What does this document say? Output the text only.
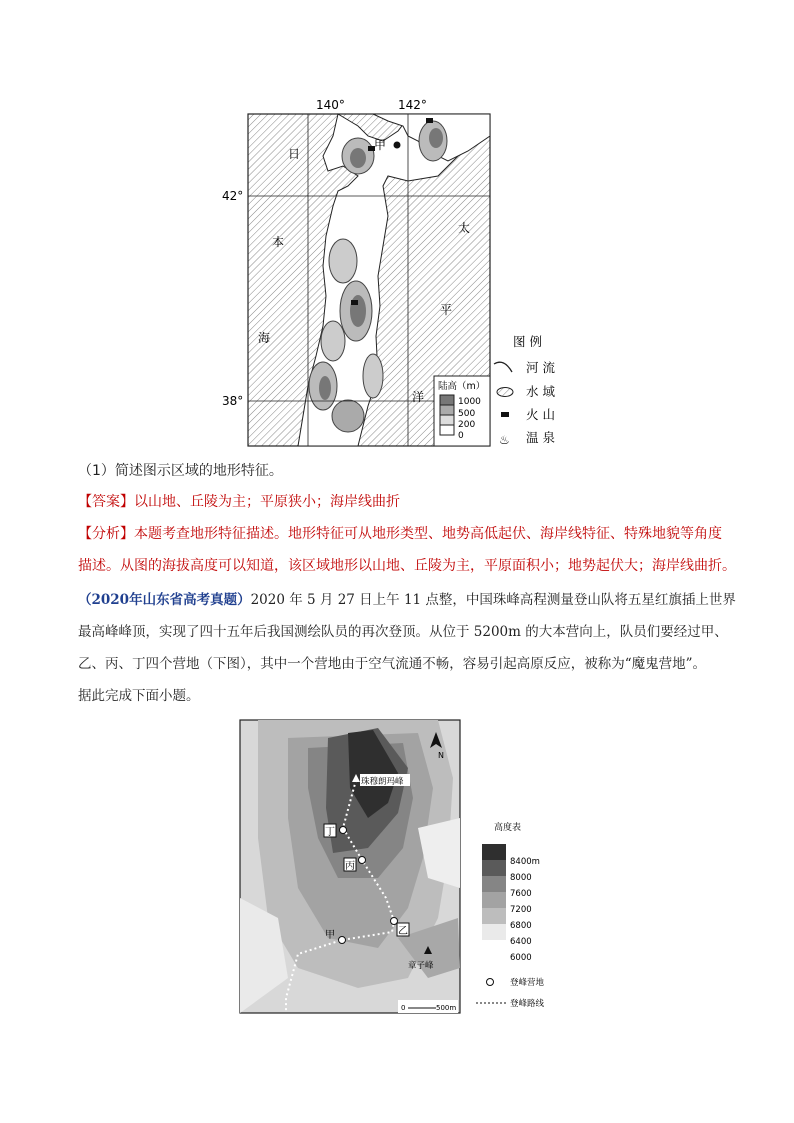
140°	142°
42°
38°
甲
日
本
海
太
平
洋
陆高（m）
1000
500
200
0
图 例
河 流
水 域
火 山
♨ 温 泉
（1）简述图示区域的地形特征。
【答案】以山地、丘陵为主；平原狭小；海岸线曲折
【分析】本题考查地形特征描述。地形特征可从地形类型、地势高低起伏、海岸线特征、特殊地貌等角度
描述。从图的海拔高度可以知道，该区域地形以山地、丘陵为主，平原面积小；地势起伏大；海岸线曲折。
（2020年山东省高考真题）2020 年 5 月 27 日上午 11 点整，中国珠峰高程测量登山队将五星红旗插上世界
最高峰峰顶，实现了四十五年后我国测绘队员的再次登顶。从位于 5200m 的大本营向上，队员们要经过甲、
乙、丙、丁四个营地（下图），其中一个营地由于空气流通不畅，容易引起高原反应，被称为“魔鬼营地”。
据此完成下面小题。
N
珠穆朗玛峰
章子峰
丁
丙
乙
甲
0	500m
高度表
8400m
8000
7600
7200
6800
6400
6000
登峰营地
登峰路线
